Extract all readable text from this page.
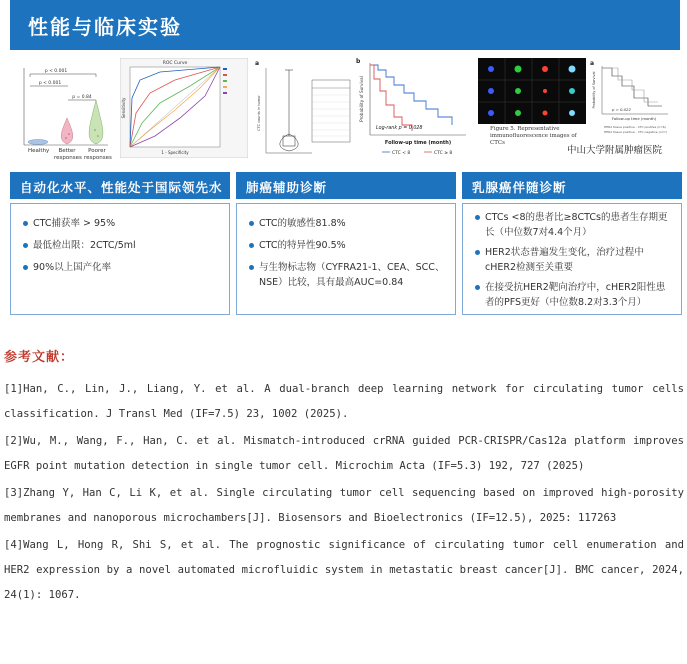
性能与临床实验
p < 0.001
p < 0.001
p = 0.84
Healthy	Better
responses
Poorer
responses
ROC Curve
1 - Specificity
Sensitivity
a
CTC counts in tumor
b
Probability of Survival
Log-rank p = 0.028
Follow-up time (month)
CTC < 8	CTC ≥ 8
Figure 5. Representative immunofluorescence images of CTCs
a
Probability of Survival
p = 0.022
Follow-up time (month)
HER2 tissue positive - CTC positive (n=6)
HER2 tissue positive - CTC negative (n=?)
中山大学附属肿瘤医院
自动化水平、性能处于国际领先水平
CTC捕获率 > 95%
最低检出限：2CTC/5ml
90%以上国产化率
肺癌辅助诊断
CTC的敏感性81.8%
CTC的特异性90.5%
与生物标志物（CYFRA21-1、CEA、SCC、NSE）比较，具有最高AUC=0.84
乳腺癌伴随诊断
CTCs <8的患者比≥8CTCs的患者生存期更长（中位数7对4.4个月）
HER2状态普遍发生变化，治疗过程中cHER2检测至关重要
在接受抗HER2靶向治疗中，cHER2阳性患者的PFS更好（中位数8.2对3.3个月）
参考文献：
[1]Han, C., Lin, J., Liang, Y. et al. A dual-branch deep learning network for circulating tumor cells classification. J Transl Med (IF=7.5) 23, 1002 (2025).
[2]Wu, M., Wang, F., Han, C. et al. Mismatch-introduced crRNA guided PCR-CRISPR/Cas12a platform improves EGFR point mutation detection in single tumor cell. Microchim Acta (IF=5.3) 192, 727 (2025)
[3]Zhang Y, Han C, Li K, et al. Single circulating tumor cell sequencing based on improved high-porosity membranes and nanoporous microchambers[J]. Biosensors and Bioelectronics (IF=12.5), 2025: 117263
[4]Wang L, Hong R, Shi S, et al. The prognostic significance of circulating tumor cell enumeration and HER2 expression by a novel automated microfluidic system in metastatic breast cancer[J]. BMC cancer, 2024, 24(1): 1067.
